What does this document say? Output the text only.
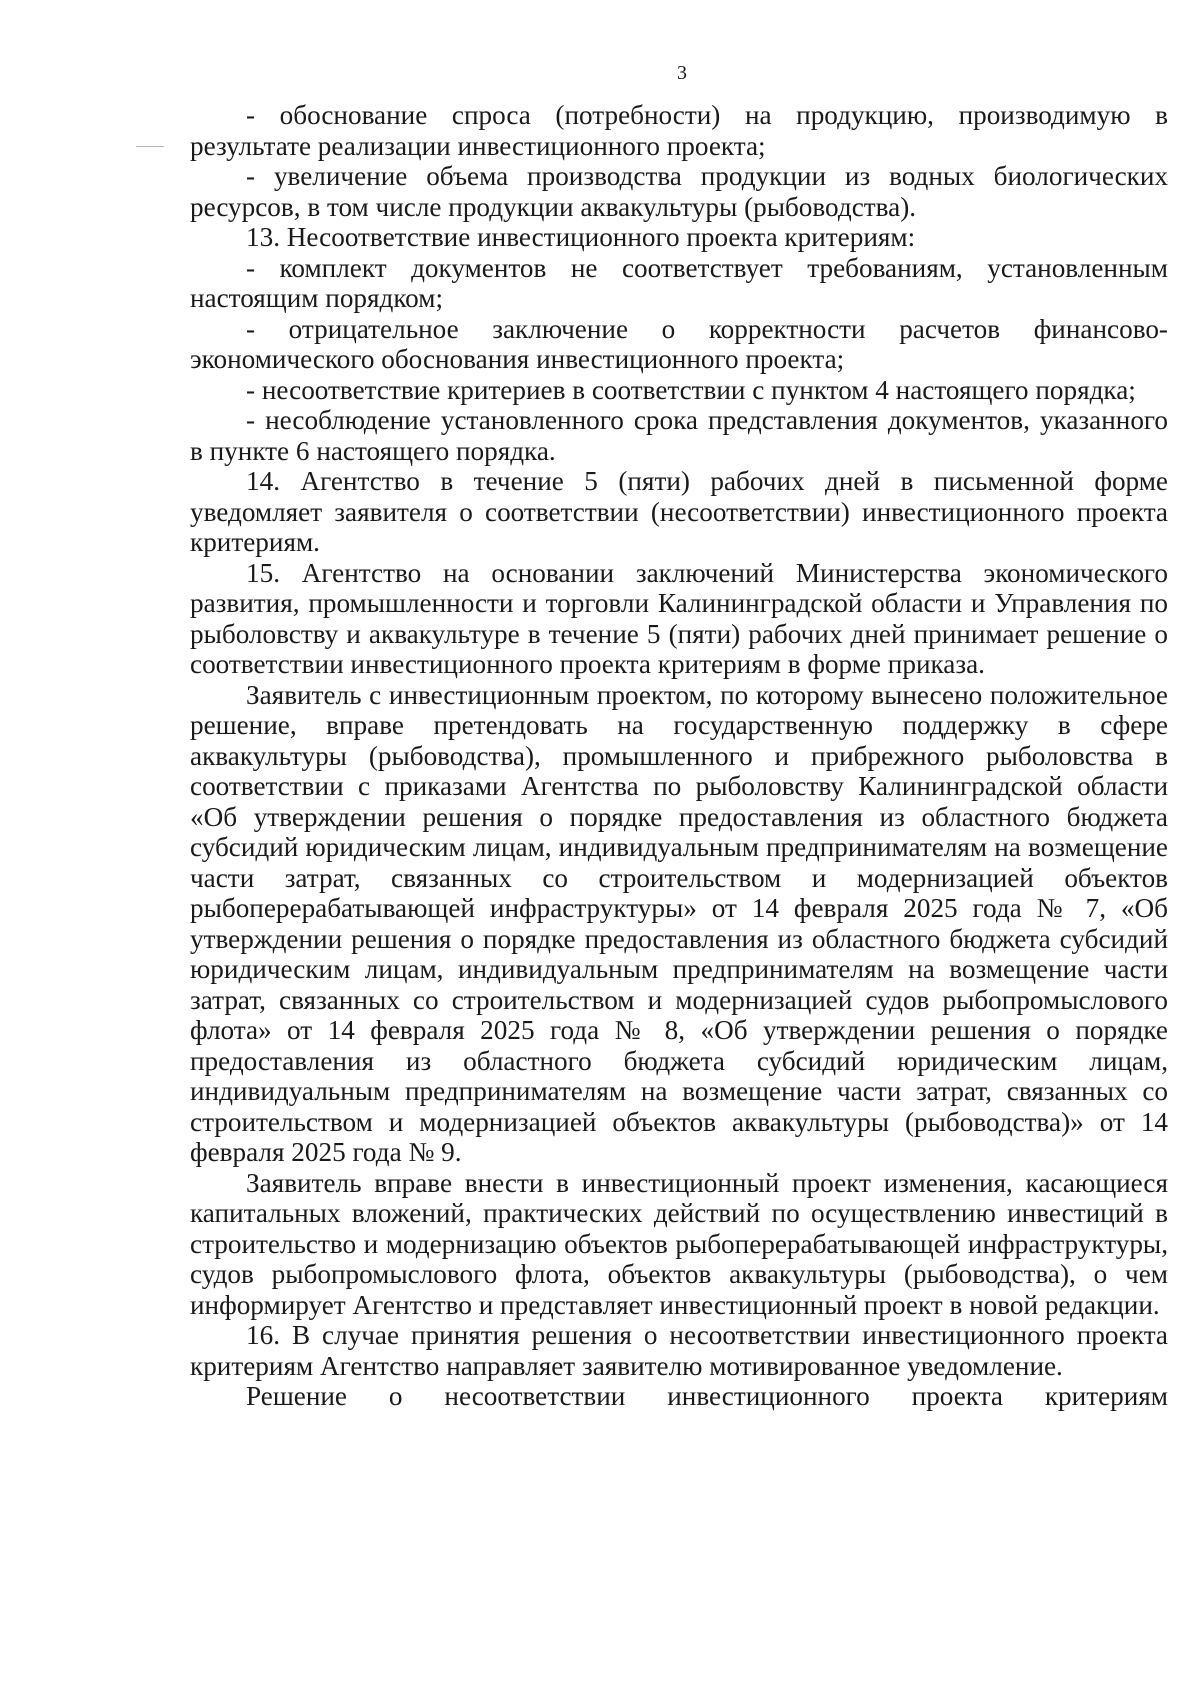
3

- обоснование спроса (потребности) на продукцию, производимую в результате реализации инвестиционного проекта;

- увеличение объема производства продукции из водных биологических ресурсов, в том числе продукции аквакультуры (рыбоводства).

13. Несоответствие инвестиционного проекта критериям:

- комплект документов не соответствует требованиям, установленным настоящим порядком;

- отрицательное заключение о корректности расчетов финансово-экономического обоснования инвестиционного проекта;

- несоответствие критериев в соответствии с пунктом 4 настоящего порядка;

- несоблюдение установленного срока представления документов, указанного в пункте 6 настоящего порядка.

14. Агентство в течение 5 (пяти) рабочих дней в письменной форме уведомляет заявителя о соответствии (несоответствии) инвестиционного проекта критериям.

15. Агентство на основании заключений Министерства экономического развития, промышленности и торговли Калининградской области и Управления по рыболовству и аквакультуре в течение 5 (пяти) рабочих дней принимает решение о соответствии инвестиционного проекта критериям в форме приказа.

Заявитель с инвестиционным проектом, по которому вынесено положительное решение, вправе претендовать на государственную поддержку в сфере аквакультуры (рыбоводства), промышленного и прибрежного рыболовства в соответствии с приказами Агентства по рыболовству Калининградской области «Об утверждении решения о порядке предоставления из областного бюджета субсидий юридическим лицам, индивидуальным предпринимателям на возмещение части затрат, связанных со строительством и модернизацией объектов рыбоперерабатывающей инфраструктуры» от 14 февраля 2025 года № 7, «Об утверждении решения о порядке предоставления из областного бюджета субсидий юридическим лицам, индивидуальным предпринимателям на возмещение части затрат, связанных со строительством и модернизацией судов рыбопромыслового флота» от 14 февраля 2025 года № 8, «Об утверждении решения о порядке предоставления из областного бюджета субсидий юридическим лицам, индивидуальным предпринимателям на возмещение части затрат, связанных со строительством и модернизацией объектов аквакультуры (рыбоводства)» от 14 февраля 2025 года № 9.

Заявитель вправе внести в инвестиционный проект изменения, касающиеся капитальных вложений, практических действий по осуществлению инвестиций в строительство и модернизацию объектов рыбоперерабатывающей инфраструктуры, судов рыбопромыслового флота, объектов аквакультуры (рыбоводства), о чем информирует Агентство и представляет инвестиционный проект в новой редакции.

16. В случае принятия решения о несоответствии инвестиционного проекта критериям Агентство направляет заявителю мотивированное уведомление.

Решение о несоответствии инвестиционного проекта критериям
